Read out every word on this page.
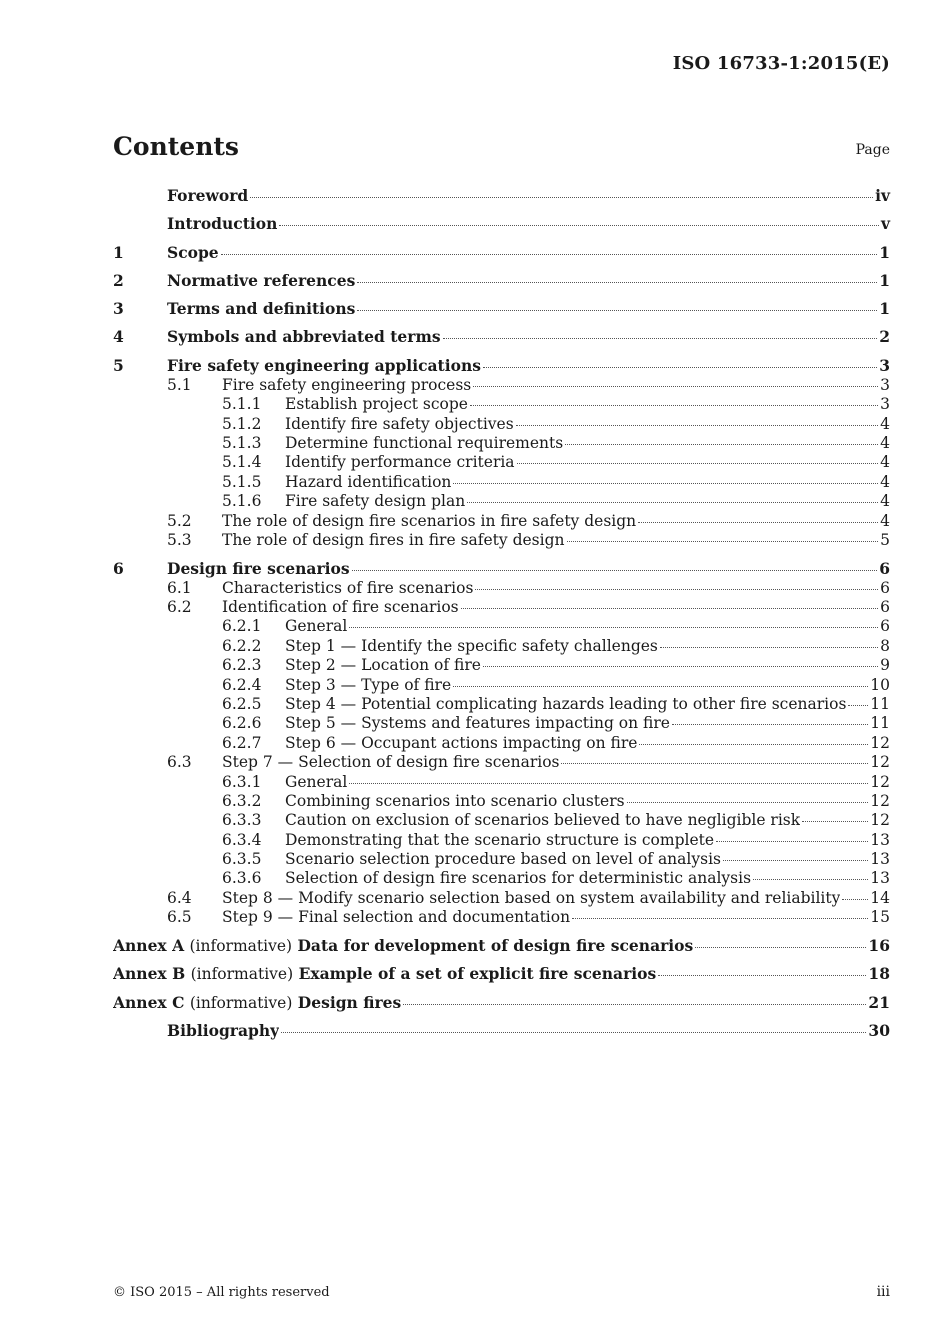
ISO 16733-1:2015(E)
Contents	Page
Foreword	iv
Introduction	v
1	Scope	1
2	Normative references	1
3	Terms and definitions	1
4	Symbols and abbreviated terms	2
5	Fire safety engineering applications	3
5.1	Fire safety engineering process	3
5.1.1	Establish project scope	3
5.1.2	Identify fire safety objectives	4
5.1.3	Determine functional requirements	4
5.1.4	Identify performance criteria	4
5.1.5	Hazard identification	4
5.1.6	Fire safety design plan	4
5.2	The role of design fire scenarios in fire safety design	4
5.3	The role of design fires in fire safety design	5
6	Design fire scenarios	6
6.1	Characteristics of fire scenarios	6
6.2	Identification of fire scenarios	6
6.2.1	General	6
6.2.2	Step 1 — Identify the specific safety challenges	8
6.2.3	Step 2 — Location of fire	9
6.2.4	Step 3 — Type of fire	10
6.2.5	Step 4 — Potential complicating hazards leading to other fire scenarios 11
6.2.6	Step 5 — Systems and features impacting on fire	11
6.2.7	Step 6 — Occupant actions impacting on fire	12
6.3	Step 7 — Selection of design fire scenarios	12
6.3.1	General	12
6.3.2	Combining scenarios into scenario clusters	12
6.3.3	Caution on exclusion of scenarios believed to have negligible risk	12
6.3.4	Demonstrating that the scenario structure is complete	13
6.3.5	Scenario selection procedure based on level of analysis	13
6.3.6	Selection of design fire scenarios for deterministic analysis	13
6.4	Step 8 — Modify scenario selection based on system availability and reliability 14
6.5	Step 9 — Final selection and documentation	15
Annex A (informative) Data for development of design fire scenarios	16
Annex B (informative) Example of a set of explicit fire scenarios	18
Annex C (informative) Design fires	21
Bibliography	30
© ISO 2015 – All rights reserved	iii
